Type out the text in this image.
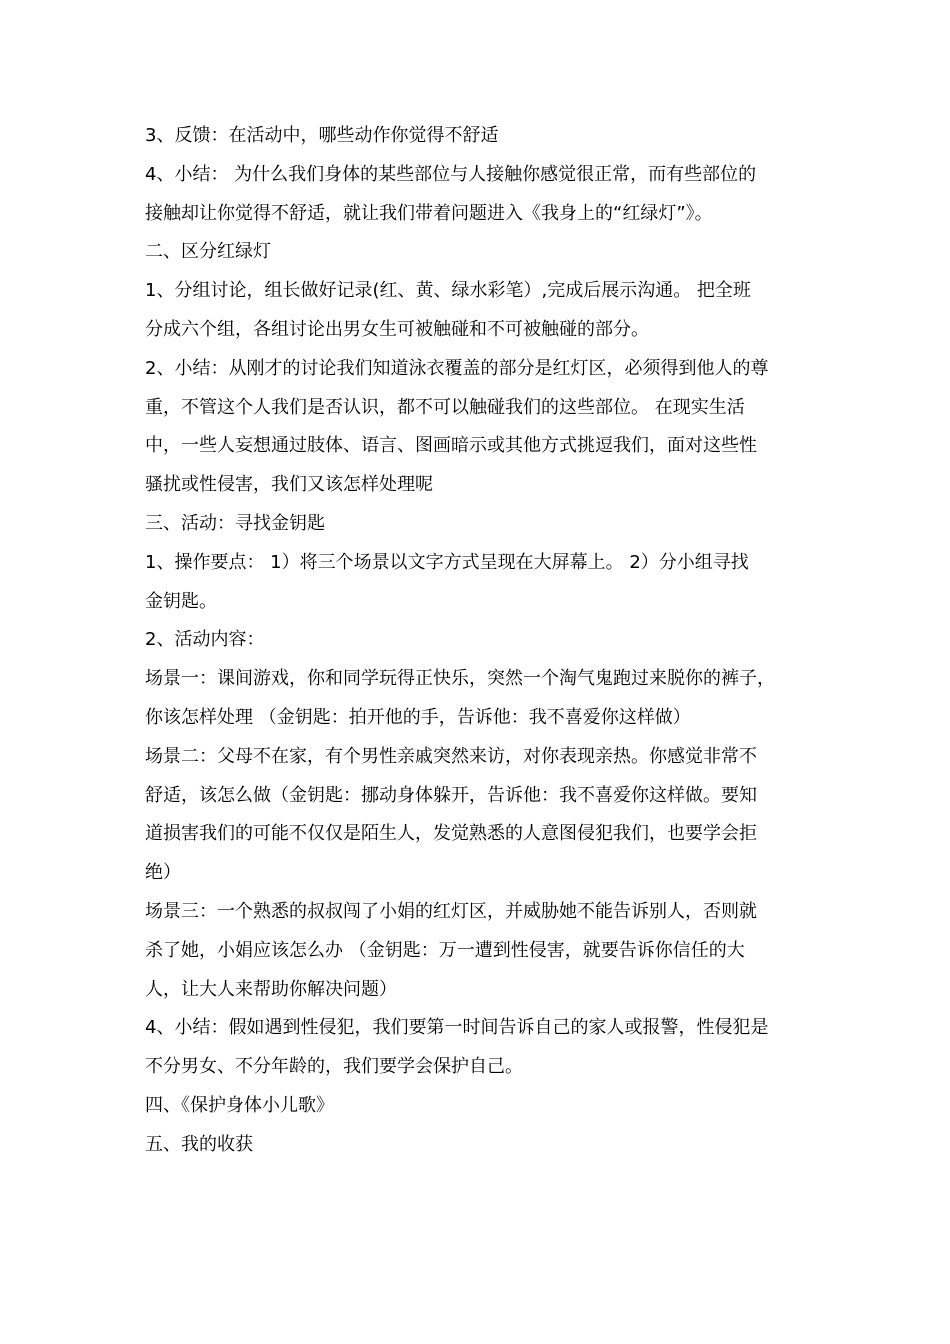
3、反馈：在活动中，哪些动作你觉得不舒适
4、小结： 为什么我们身体的某些部位与人接触你感觉很正常，而有些部位的
接触却让你觉得不舒适，就让我们带着问题进入《我身上的“红绿灯”》。
二、区分红绿灯
1、分组讨论，组长做好记录(红、黄、绿水彩笔）,完成后展示沟通。 把全班
分成六个组，各组讨论出男女生可被触碰和不可被触碰的部分。
2、小结：从刚才的讨论我们知道泳衣覆盖的部分是红灯区，必须得到他人的尊
重，不管这个人我们是否认识，都不可以触碰我们的这些部位。 在现实生活
中，一些人妄想通过肢体、语言、图画暗示或其他方式挑逗我们，面对这些性
骚扰或性侵害，我们又该怎样处理呢
三、活动：寻找金钥匙
1、操作要点： 1）将三个场景以文字方式呈现在大屏幕上。 2）分小组寻找
金钥匙。
2、活动内容：
场景一：课间游戏，你和同学玩得正快乐，突然一个淘气鬼跑过来脱你的裤子，
你该怎样处理 （金钥匙：拍开他的手，告诉他：我不喜爱你这样做）
场景二：父母不在家，有个男性亲戚突然来访，对你表现亲热。你感觉非常不
舒适，该怎么做（金钥匙：挪动身体躲开，告诉他：我不喜爱你这样做。要知
道损害我们的可能不仅仅是陌生人，发觉熟悉的人意图侵犯我们，也要学会拒
绝）
场景三：一个熟悉的叔叔闯了小娟的红灯区，并威胁她不能告诉别人，否则就
杀了她，小娟应该怎么办 （金钥匙：万一遭到性侵害，就要告诉你信任的大
人，让大人来帮助你解决问题）
4、小结：假如遇到性侵犯，我们要第一时间告诉自己的家人或报警，性侵犯是
不分男女、不分年龄的，我们要学会保护自己。
四、《保护身体小儿歌》
五、我的收获
